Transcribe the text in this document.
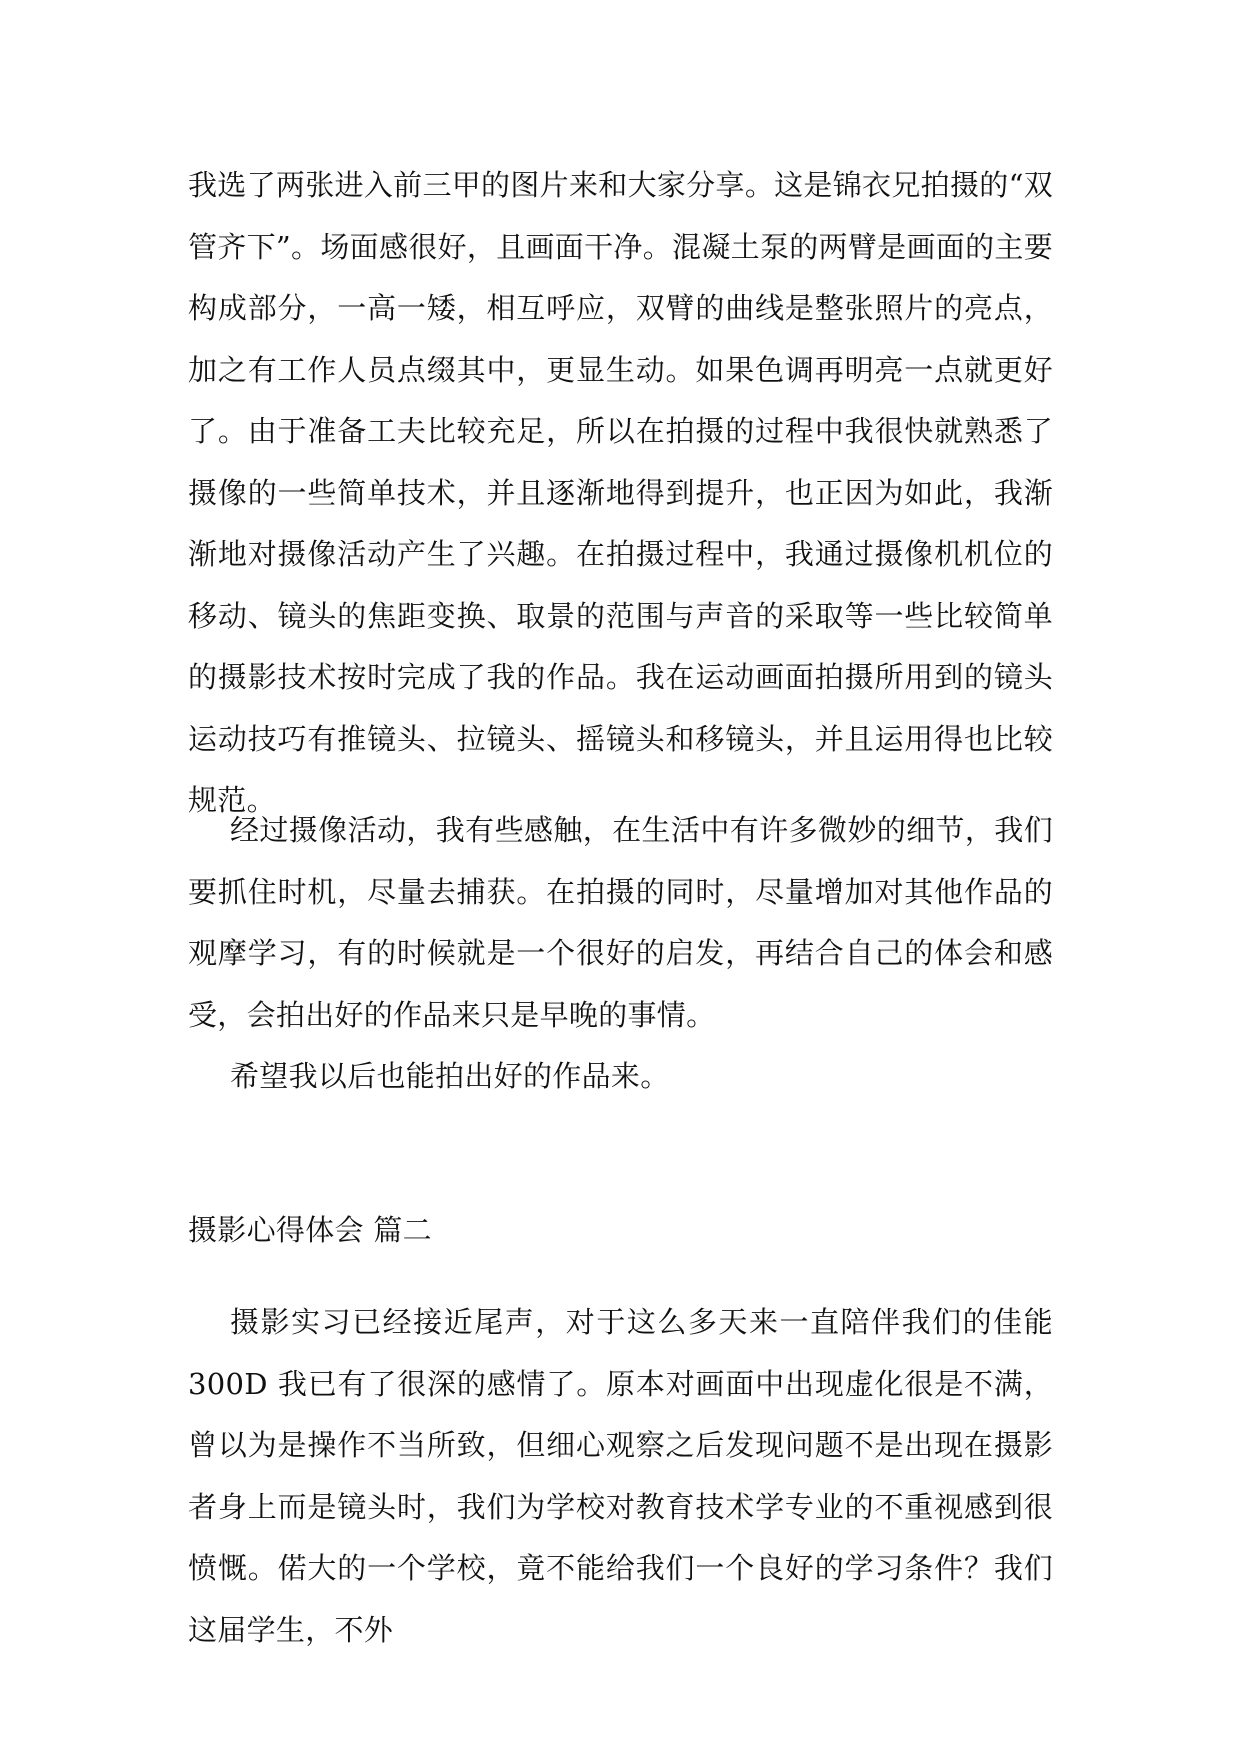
我选了两张进入前三甲的图片来和大家分享。这是锦衣兄拍摄的“双管齐下”。场面感很好，且画面干净。混凝土泵的两臂是画面的主要构成部分，一高一矮，相互呼应，双臂的曲线是整张照片的亮点，加之有工作人员点缀其中，更显生动。如果色调再明亮一点就更好了。由于准备工夫比较充足，所以在拍摄的过程中我很快就熟悉了摄像的一些简单技术，并且逐渐地得到提升，也正因为如此，我渐渐地对摄像活动产生了兴趣。在拍摄过程中，我通过摄像机机位的移动、镜头的焦距变换、取景的范围与声音的采取等一些比较简单的摄影技术按时完成了我的作品。我在运动画面拍摄所用到的镜头运动技巧有推镜头、拉镜头、摇镜头和移镜头，并且运用得也比较规范。

经过摄像活动，我有些感触，在生活中有许多微妙的细节，我们要抓住时机，尽量去捕获。在拍摄的同时，尽量增加对其他作品的观摩学习，有的时候就是一个很好的启发，再结合自己的体会和感受，会拍出好的作品来只是早晚的事情。

希望我以后也能拍出好的作品来。

摄影心得体会 篇二

摄影实习已经接近尾声，对于这么多天来一直陪伴我们的佳能 300D 我已有了很深的感情了。原本对画面中出现虚化很是不满，曾以为是操作不当所致，但细心观察之后发现问题不是出现在摄影者身上而是镜头时，我们为学校对教育技术学专业的不重视感到很愤慨。偌大的一个学校，竟不能给我们一个良好的学习条件？我们这届学生，不外
